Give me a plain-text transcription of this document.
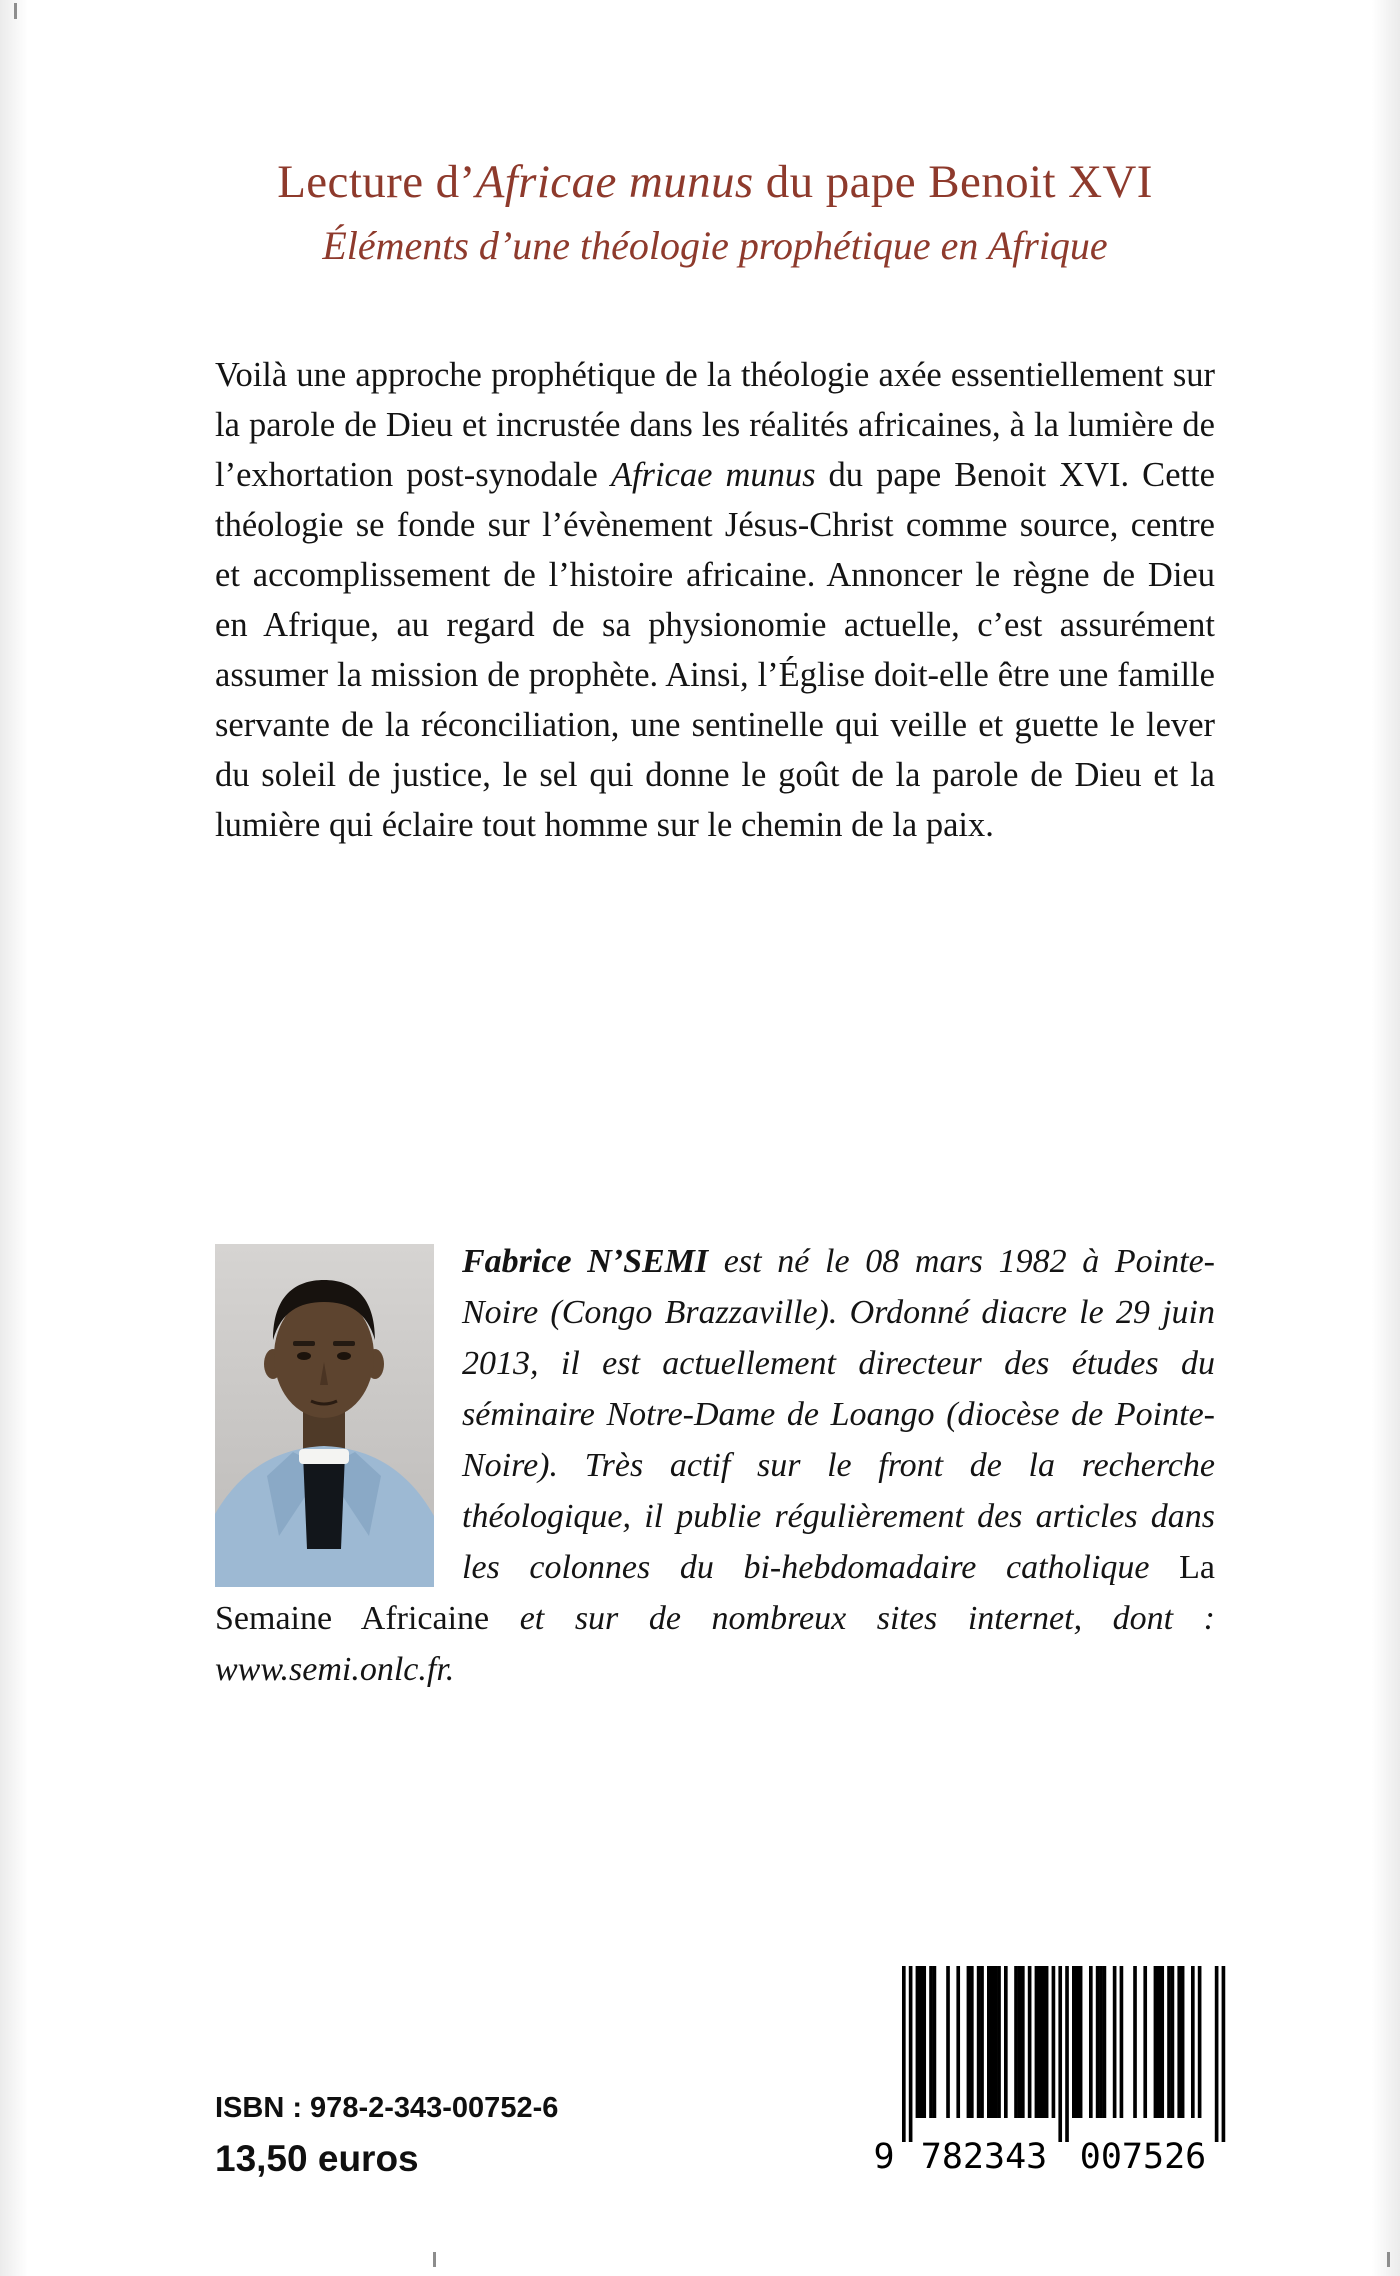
Lecture d’Africae munus du pape Benoit XVI
Éléments d’une théologie prophétique en Afrique
Voilà une approche prophétique de la théologie axée essentiellement sur la parole de Dieu et incrustée dans les réalités africaines, à la lumière de l’exhortation post-synodale Africae munus du pape Benoit XVI. Cette théologie se fonde sur l’évènement Jésus-Christ comme source, centre et accomplissement de l’histoire africaine. Annoncer le règne de Dieu en Afrique, au regard de sa physionomie actuelle, c’est assurément assumer la mission de prophète. Ainsi, l’Église doit-elle être une famille servante de la réconciliation, une sentinelle qui veille et guette le lever du soleil de justice, le sel qui donne le goût de la parole de Dieu et la lumière qui éclaire tout homme sur le chemin de la paix.
Fabrice N’SEMI est né le 08 mars 1982 à Pointe-Noire (Congo Brazzaville). Ordonné diacre le 29 juin 2013, il est actuellement directeur des études du séminaire Notre-Dame de Loango (diocèse de Pointe-Noire). Très actif sur le front de la recherche théologique, il publie régulièrement des articles dans les colonnes du bi-hebdomadaire catholique La Semaine Africaine et sur de nombreux sites internet, dont : www.semi.onlc.fr.
ISBN : 978-2-343-00752-6
13,50 euros	9 782343 007526
